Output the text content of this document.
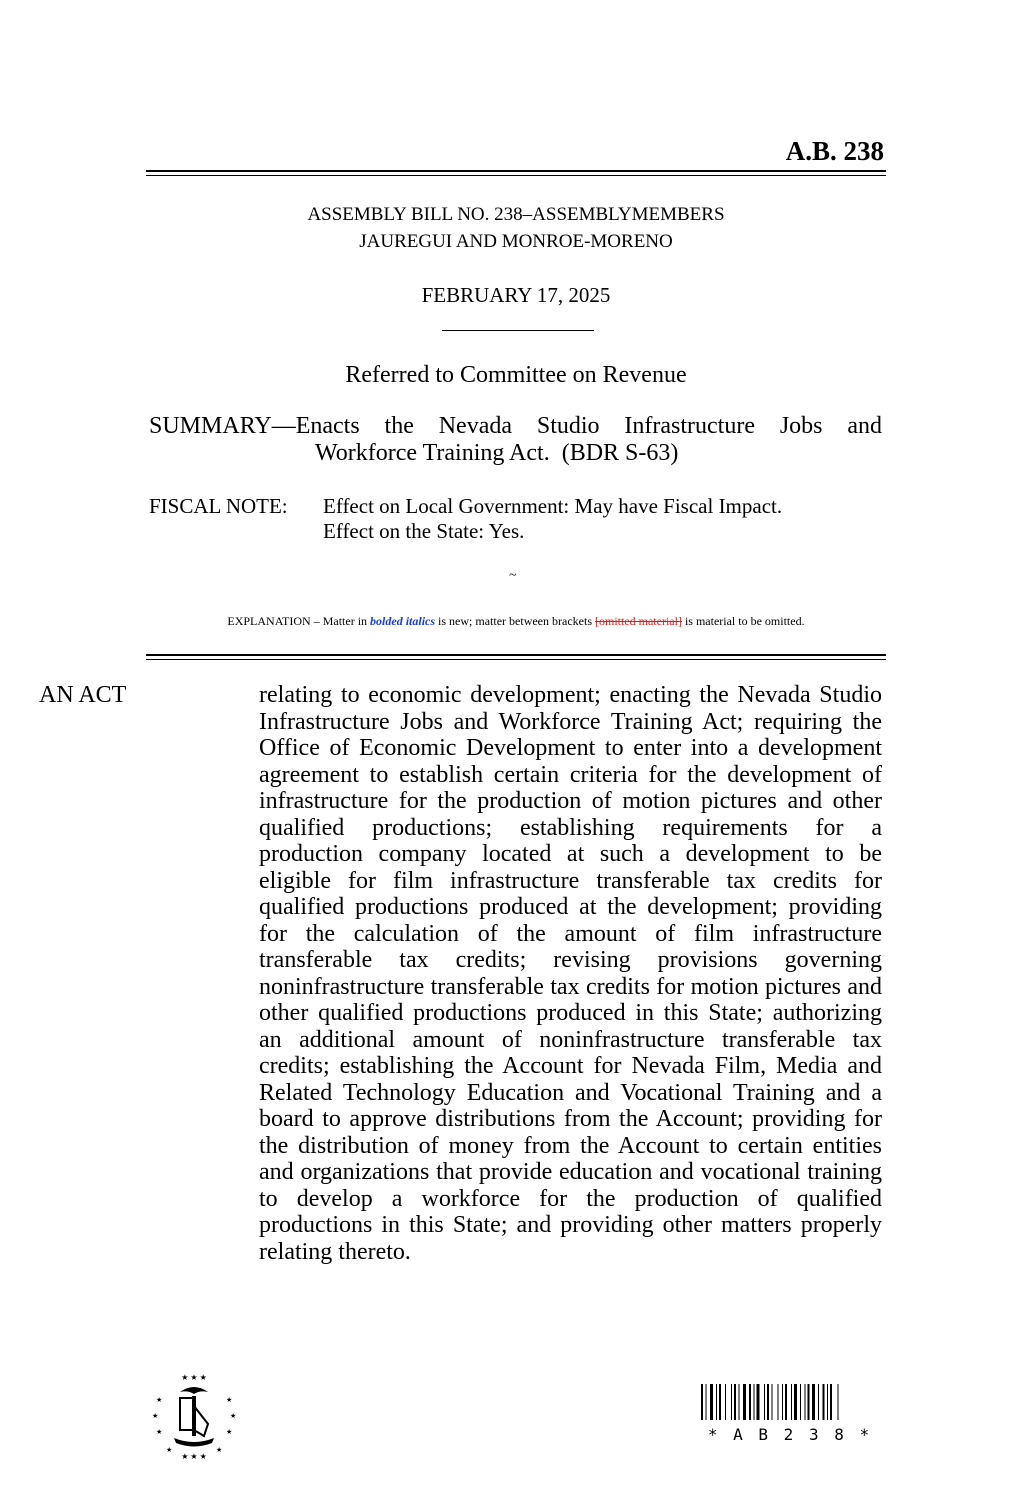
A.B. 238
ASSEMBLY BILL NO. 238–ASSEMBLYMEMBERS
JAUREGUI AND MONROE-MORENO
FEBRUARY 17, 2025
Referred to Committee on Revenue
SUMMARY—Enacts the Nevada Studio Infrastructure Jobs and
Workforce Training Act.  (BDR S-63)
FISCAL NOTE: Effect on Local Government: May have Fiscal Impact.
Effect on the State: Yes.
~
EXPLANATION – Matter in bolded italics is new; matter between brackets [omitted material] is material to be omitted.
AN ACT	relating to economic development; enacting the Nevada Studio Infrastructure Jobs and Workforce Training Act; requiring the Office of Economic Development to enter into a development agreement to establish certain criteria for the development of infrastructure for the production of motion pictures and other qualified productions; establishing requirements for a production company located at such a development to be eligible for film infrastructure transferable tax credits for qualified productions produced at the development; providing for the calculation of the amount of film infrastructure transferable tax credits; revising provisions governing noninfrastructure transferable tax credits for motion pictures and other qualified productions produced in this State; authorizing an additional amount of noninfrastructure transferable tax credits; establishing the Account for Nevada Film, Media and Related Technology Education and Vocational Training and a board to approve distributions from the Account; providing for the distribution of money from the Account to certain entities and organizations that provide education and vocational training to develop a workforce for the production of qualified productions in this State; and providing other matters properly relating thereto.
★ ★ ★
★
★
★
★
★
★
★	★
★ ★ ★
* A B 2 3 8 *
